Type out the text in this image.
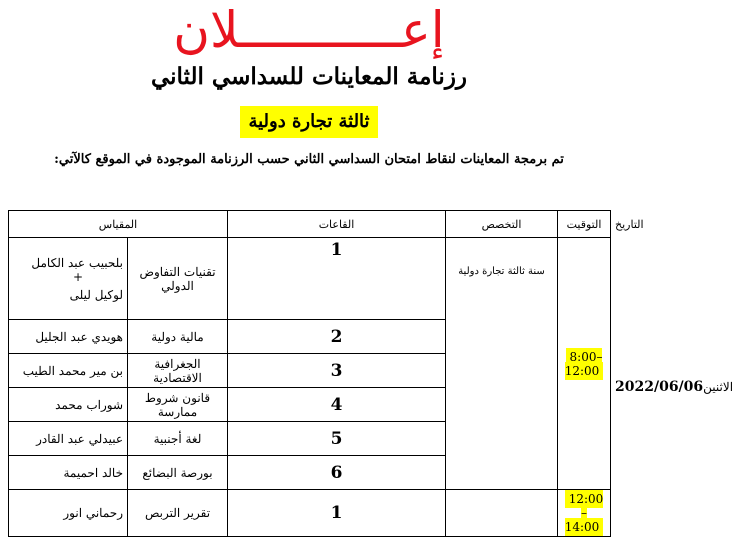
إعـــــــــــلان
رزنامة المعاينات للسداسي الثاني
ثالثة تجارة دولية
تم برمجة المعاينات لنقاط امتحان السداسي الثاني حسب الرزنامة الموجودة في الموقع كالآتي:
المقياس		القاعات	التخصص	التوقيت	التاريخ

بلحبيب عبد الكامل
+
لوكيل ليلى	تقنيات التفاوض الدولي	1	سنة ثالثة تجارة دولية	8:00– 12:00	الاثنين2022/06/06
هويدي عبد الجليل	مالية دولية	2			
بن مير محمد الطيب	الجغرافية الاقتصادية	3			
شوراب محمد	قانون شروط ممارسة	4			
عبيدلي عبد القادر	لغة أجنبية	5			
خالد احميمة	بورصة البضائع	6			
رحماني انور	تقرير التربص	1		12:00 – 14:00	
